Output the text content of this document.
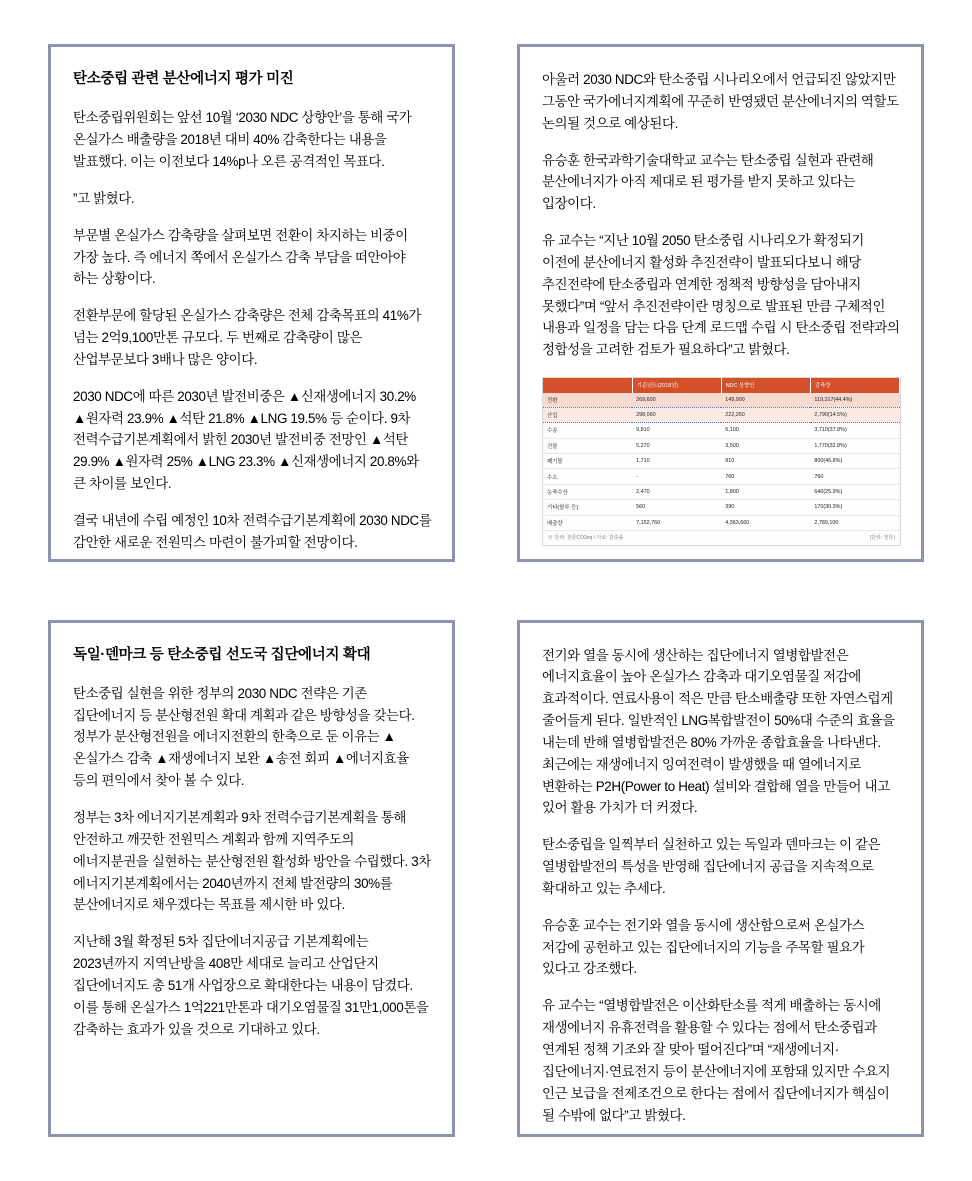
탄소중립 관련 분산에너지 평가 미진

탄소중립위원회는 앞선 10월 ‘2030 NDC 상향안’을 통해 국가 온실가스 배출량을 2018년 대비 40% 감축한다는 내용을 발표했다. 이는 이전보다 14%p나 오른 공격적인 목표다.

”고 밝혔다.

부문별 온실가스 감축량을 살펴보면 전환이 차지하는 비중이 가장 높다. 즉 에너지 쪽에서 온실가스 감축 부담을 떠안아야 하는 상황이다.

전환부문에 할당된 온실가스 감축량은 전체 감축목표의 41%가 넘는 2억9,100만톤 규모다. 두 번째로 감축량이 많은 산업부문보다 3배나 많은 양이다.

2030 NDC에 따른 2030년 발전비중은 ▲신재생에너지 30.2% ▲원자력 23.9% ▲석탄 21.8% ▲LNG 19.5% 등 순이다. 9차 전력수급기본계획에서 밝힌 2030년 발전비중 전망인 ▲석탄 29.9% ▲원자력 25% ▲LNG 23.3% ▲신재생에너지 20.8%와 큰 차이를 보인다.

결국 내년에 수립 예정인 10차 전력수급기본계획에 2030 NDC를 감안한 새로운 전원믹스 마련이 불가피할 전망이다.

아울러 2030 NDC와 탄소중립 시나리오에서 언급되진 않았지만 그동안 국가에너지계획에 꾸준히 반영됐던 분산에너지의 역할도 논의될 것으로 예상된다.

유승훈 한국과학기술대학교 교수는 탄소중립 실현과 관련해 분산에너지가 아직 제대로 된 평가를 받지 못하고 있다는 입장이다.

유 교수는 “지난 10월 2050 탄소중립 시나리오가 확정되기 이전에 분산에너지 활성화 추진전략이 발표되다보니 해당 추진전략에 탄소중립과 연계한 정책적 방향성을 담아내지 못했다”며 “앞서 추진전략이란 명칭으로 발표된 만큼 구체적인 내용과 일정을 담는 다음 단계 로드맵 수립 시 탄소중립 전략과의 정합성을 고려한 검토가 필요하다”고 밝혔다.

	기준년도(2018년)	NDC 상향안	감축량
전환	269,600	149,900	119,317(44.4%)
산업	298,060	222,260	2,790(14.5%)
수송	9,810	6,100	3,710(37.8%)
건물	5,270	3,500	1,770(32.8%)
폐기물	1,710	910	800(46.8%)
수소	-	760	760
농축수산	2,470	1,800	640(25.9%)
기타(탈루 등)	560	390	170(30.3%)
배출량	7,152,760	4,363,660	2,789,100
※ 단위: 천톤CO2eq / 자료: 감축률	(단위: 천톤)
독일·덴마크 등 탄소중립 선도국 집단에너지 확대

탄소중립 실현을 위한 정부의 2030 NDC 전략은 기존 집단에너지 등 분산형전원 확대 계획과 같은 방향성을 갖는다. 정부가 분산형전원을 에너지전환의 한축으로 둔 이유는 ▲온실가스 감축 ▲재생에너지 보완 ▲송전 회피 ▲에너지효율 등의 편익에서 찾아 볼 수 있다.

정부는 3차 에너지기본계획과 9차 전력수급기본계획을 통해 안전하고 깨끗한 전원믹스 계획과 함께 지역주도의 에너지분권을 실현하는 분산형전원 활성화 방안을 수립했다. 3차 에너지기본계획에서는 2040년까지 전체 발전량의 30%를 분산에너지로 채우겠다는 목표를 제시한 바 있다.

지난해 3월 확정된 5차 집단에너지공급 기본계획에는 2023년까지 지역난방을 408만 세대로 늘리고 산업단지 집단에너지도 총 51개 사업장으로 확대한다는 내용이 담겼다. 이를 통해 온실가스 1억221만톤과 대기오염물질 31만1,000톤을 감축하는 효과가 있을 것으로 기대하고 있다.

전기와 열을 동시에 생산하는 집단에너지 열병합발전은 에너지효율이 높아 온실가스 감축과 대기오염물질 저감에 효과적이다. 연료사용이 적은 만큼 탄소배출량 또한 자연스럽게 줄어들게 된다. 일반적인 LNG복합발전이 50%대 수준의 효율을 내는데 반해 열병합발전은 80% 가까운 종합효율을 나타낸다. 최근에는 재생에너지 잉여전력이 발생했을 때 열에너지로 변환하는 P2H(Power to Heat) 설비와 결합해 열을 만들어 내고 있어 활용 가치가 더 커졌다.

탄소중립을 일찍부터 실천하고 있는 독일과 덴마크는 이 같은 열병합발전의 특성을 반영해 집단에너지 공급을 지속적으로 확대하고 있는 추세다.

유승훈 교수는 전기와 열을 동시에 생산함으로써 온실가스 저감에 공헌하고 있는 집단에너지의 기능을 주목할 필요가 있다고 강조했다.

유 교수는 “열병합발전은 이산화탄소를 적게 배출하는 동시에 재생에너지 유휴전력을 활용할 수 있다는 점에서 탄소중립과 연계된 정책 기조와 잘 맞아 떨어진다”며 “재생에너지·집단에너지·연료전지 등이 분산에너지에 포함돼 있지만 수요지 인근 보급을 전제조건으로 한다는 점에서 집단에너지가 핵심이 될 수밖에 없다”고 밝혔다.
